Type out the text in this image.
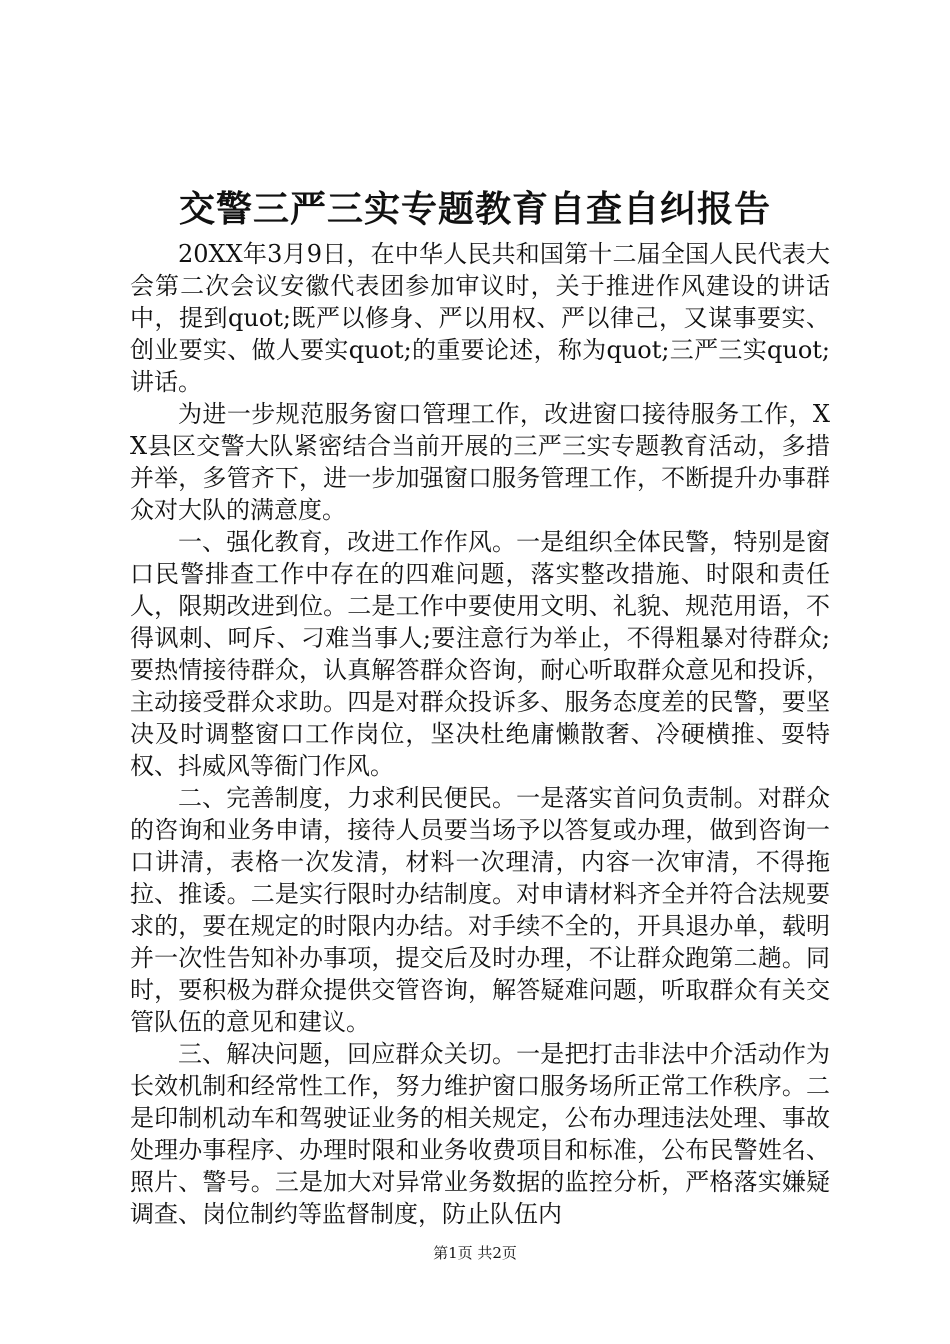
交警三严三实专题教育自查自纠报告

20XX年3月9日，在中华人民共和国第十二届全国人民代表大会第二次会议安徽代表团参加审议时，关于推进作风建设的讲话中，提到quot;既严以修身、严以用权、严以律己，又谋事要实、创业要实、做人要实quot;的重要论述，称为quot;三严三实quot;讲话。

为进一步规范服务窗口管理工作，改进窗口接待服务工作，XX县区交警大队紧密结合当前开展的三严三实专题教育活动，多措并举，多管齐下，进一步加强窗口服务管理工作，不断提升办事群众对大队的满意度。

一、强化教育，改进工作作风。一是组织全体民警，特别是窗口民警排查工作中存在的四难问题，落实整改措施、时限和责任人，限期改进到位。二是工作中要使用文明、礼貌、规范用语，不得讽刺、呵斥、刁难当事人;要注意行为举止，不得粗暴对待群众;要热情接待群众，认真解答群众咨询，耐心听取群众意见和投诉，主动接受群众求助。四是对群众投诉多、服务态度差的民警，要坚决及时调整窗口工作岗位，坚决杜绝庸懒散奢、冷硬横推、耍特权、抖威风等衙门作风。

二、完善制度，力求利民便民。一是落实首问负责制。对群众的咨询和业务申请，接待人员要当场予以答复或办理，做到咨询一口讲清，表格一次发清，材料一次理清，内容一次审清，不得拖拉、推诿。二是实行限时办结制度。对申请材料齐全并符合法规要求的，要在规定的时限内办结。对手续不全的，开具退办单，载明并一次性告知补办事项，提交后及时办理，不让群众跑第二趟。同时，要积极为群众提供交管咨询，解答疑难问题，听取群众有关交管队伍的意见和建议。

三、解决问题，回应群众关切。一是把打击非法中介活动作为长效机制和经常性工作，努力维护窗口服务场所正常工作秩序。二是印制机动车和驾驶证业务的相关规定，公布办理违法处理、事故处理办事程序、办理时限和业务收费项目和标准，公布民警姓名、照片、警号。三是加大对异常业务数据的监控分析，严格落实嫌疑调查、岗位制约等监督制度，防止队伍内

第1页 共2页
